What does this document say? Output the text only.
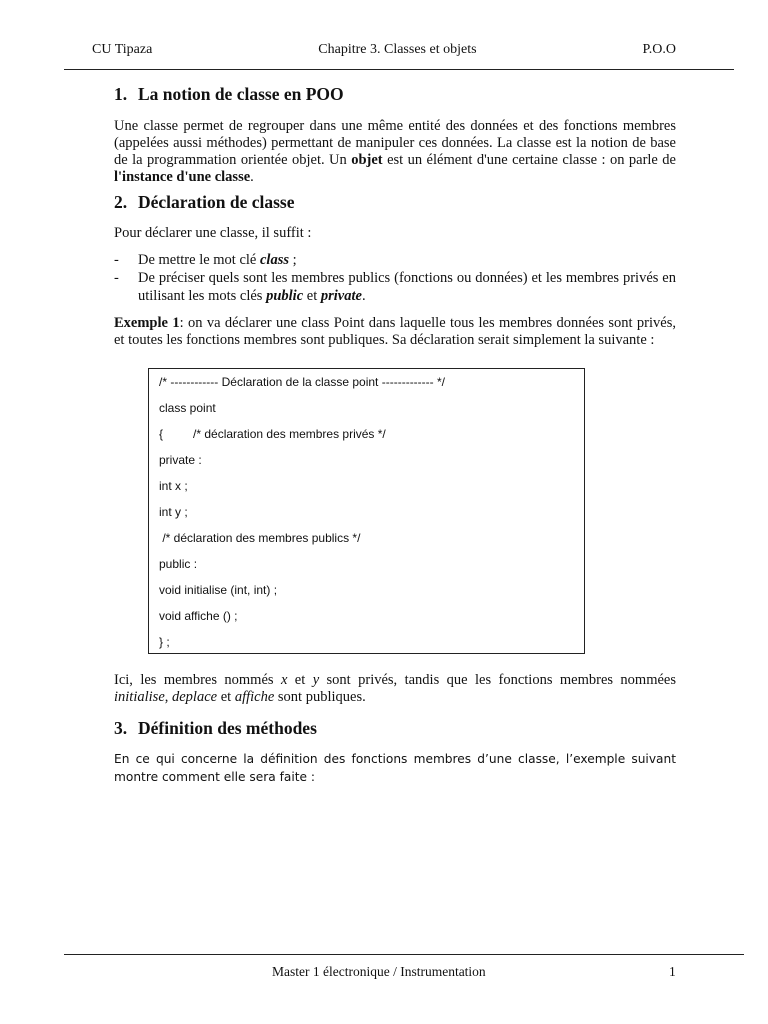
CU Tipaza	Chapitre 3. Classes et objets	P.O.O
1. La notion de classe en POO

Une classe permet de regrouper dans une même entité des données et des fonctions membres (appelées aussi méthodes) permettant de manipuler ces données. La classe est la notion de base de la programmation orientée objet. Un objet est un élément d'une certaine classe : on parle de l'instance d'une classe.

2. Déclaration de classe

Pour déclarer une classe, il suffit :

- De mettre le mot clé class ;
- De préciser quels sont les membres publics (fonctions ou données) et les membres privés en utilisant les mots clés public et private.

Exemple 1: on va déclarer une class Point dans laquelle tous les membres données sont privés, et toutes les fonctions membres sont publiques. Sa déclaration serait simplement la suivante :

/* ------------ Déclaration de la classe point ------------- */
class point
{         /* déclaration des membres privés */
private :
int x ;
int y ;
/* déclaration des membres publics */
public :
void initialise (int, int) ;
void affiche () ;
} ;

Ici, les membres nommés x et y sont privés, tandis que les fonctions membres nommées initialise, deplace et affiche sont publiques.

3. Définition des méthodes

En ce qui concerne la définition des fonctions membres d’une classe, l’exemple suivant montre comment elle sera faite :

Master 1 électronique / Instrumentation	1
